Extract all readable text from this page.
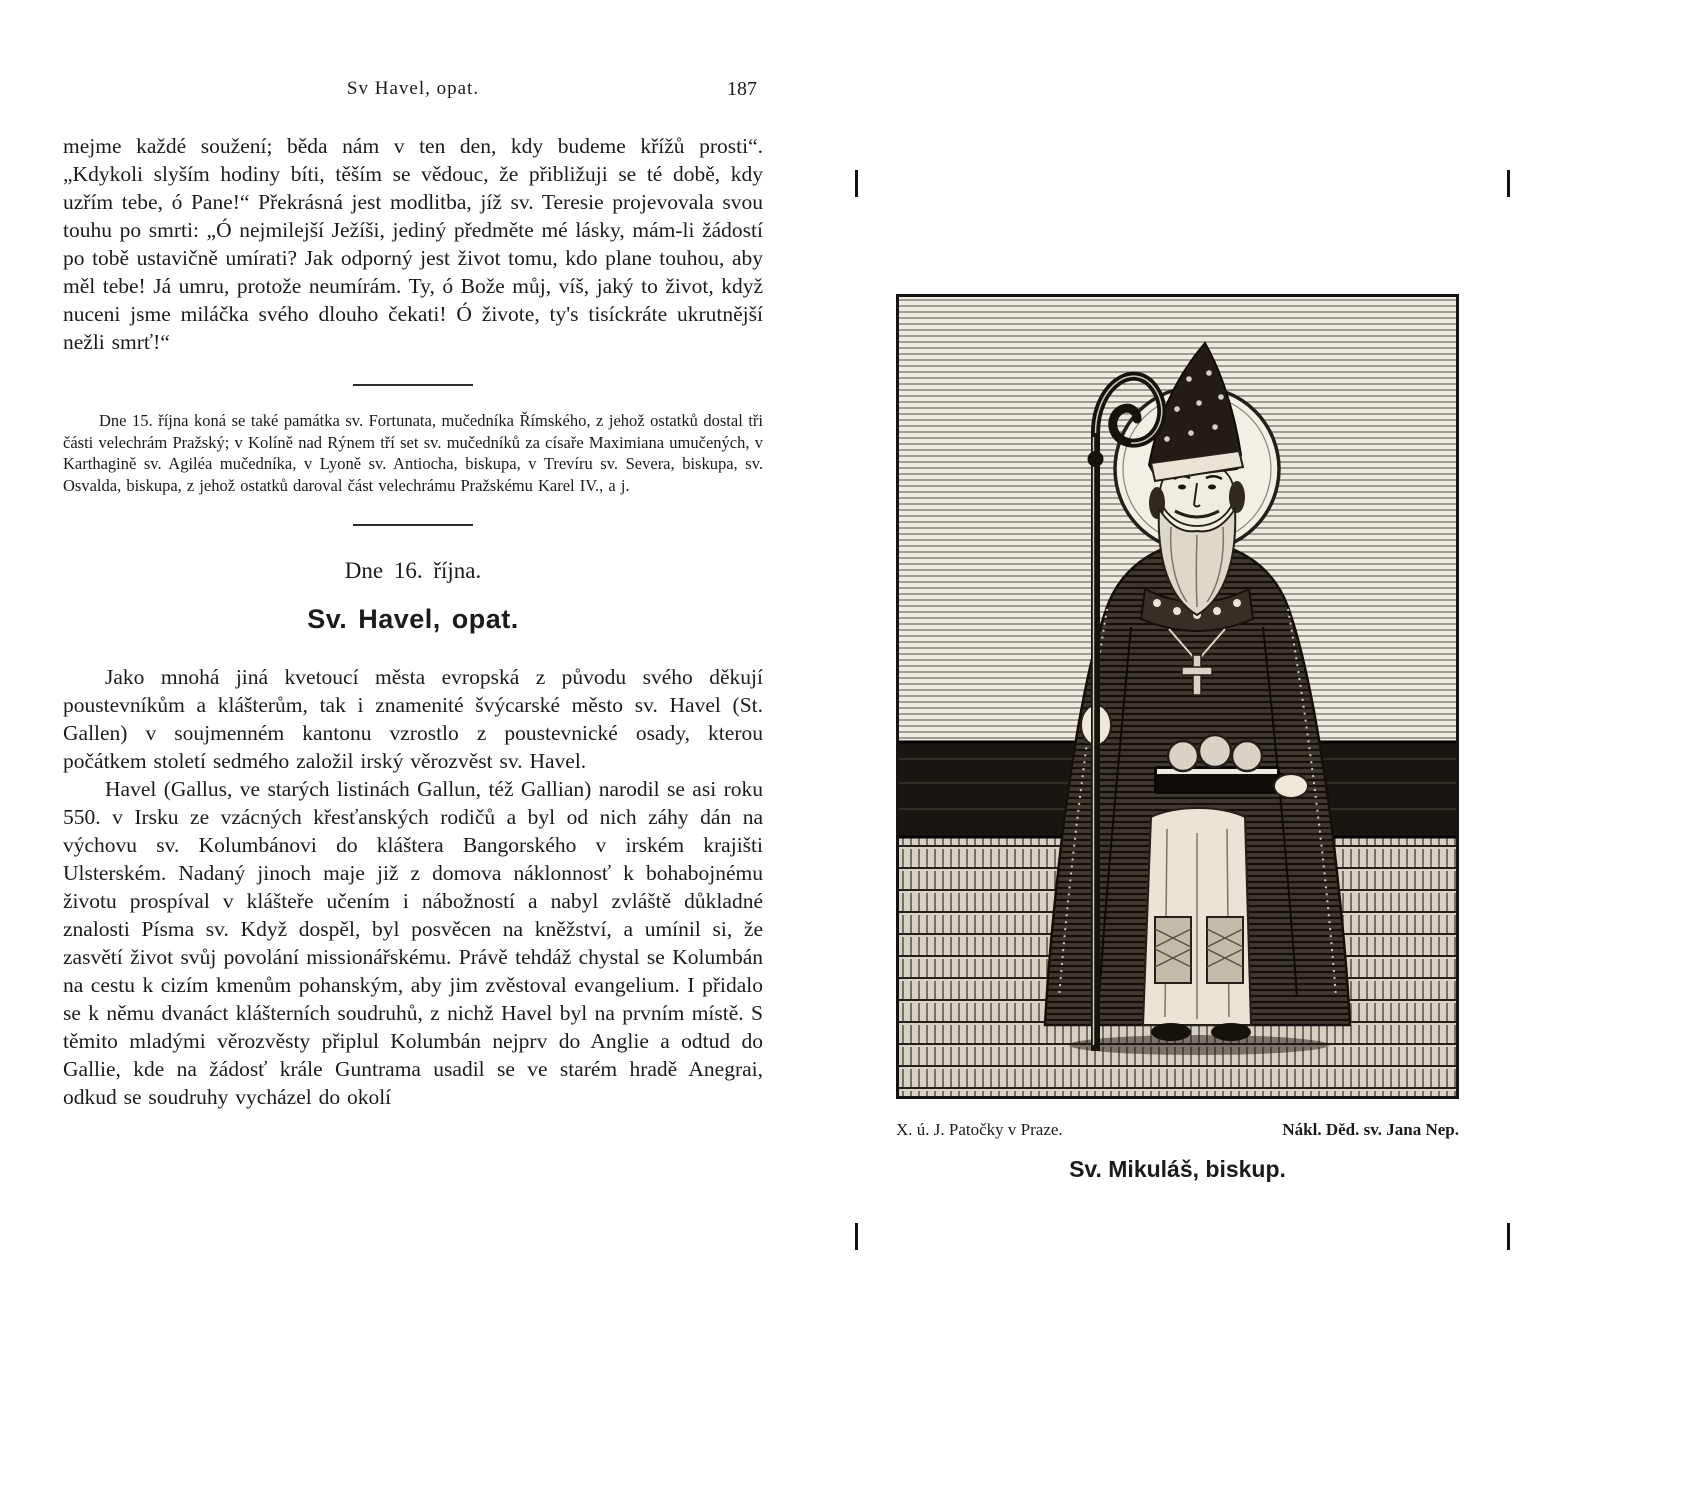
Sv Havel, opat.	187

mejme každé soužení; běda nám v ten den, kdy budeme křížů prosti“. „Kdykoli slyším hodiny bíti, těším se vědouc, že přibližuji se té době, kdy uzřím tebe, ó Pane!“ Překrásná jest modlitba, jíž sv. Teresie projevovala svou touhu po smrti: „Ó nejmilejší Ježíši, jediný předměte mé lásky, mám-li žádostí po tobě ustavičně umírati? Jak odporný jest život tomu, kdo plane touhou, aby měl tebe! Já umru, protože neumírám. Ty, ó Bože můj, víš, jaký to život, když nuceni jsme miláčka svého dlouho čekati! Ó živote, ty's tisíckráte ukrutnější nežli smrť!“

Dne 15. října koná se také památka sv. Fortunata, mučedníka Římského, z jehož ostatků dostal tři části velechrám Pražský; v Kolíně nad Rýnem tří set sv. mučedníků za císaře Maximiana umučených, v Karthagině sv. Agiléa mučedníka, v Lyoně sv. Antiocha, biskupa, v Trevíru sv. Severa, biskupa, sv. Osvalda, biskupa, z jehož ostatků daroval část velechrámu Pražskému Karel IV., a j.

Dne 16. října.
Sv. Havel, opat.

Jako mnohá jiná kvetoucí města evropská z původu svého děkují poustevníkům a klášterům, tak i znamenité švýcarské město sv. Havel (St. Gallen) v soujmenném kantonu vzrostlo z poustevnické osady, kterou počátkem století sedmého založil irský věrozvěst sv. Havel.

Havel (Gallus, ve starých listinách Gallun, též Gallian) narodil se asi roku 550. v Irsku ze vzácných křesťanských rodičů a byl od nich záhy dán na výchovu sv. Kolumbánovi do kláštera Bangorského v irském krajišti Ulsterském. Nadaný jinoch maje již z domova náklonnosť k bohabojnému životu prospíval v klášteře učením i nábožností a nabyl zvláště důkladné znalosti Písma sv. Když dospěl, byl posvěcen na kněžství, a umínil si, že zasvětí život svůj povolání missionářskému. Právě tehdáž chystal se Kolumbán na cestu k cizím kmenům pohanským, aby jim zvěstoval evangelium. I přidalo se k němu dvanáct klášterních soudruhů, z nichž Havel byl na prvním místě. S těmito mladými věrozvěsty připlul Kolumbán nejprv do Anglie a odtud do Gallie, kde na žádosť krále Guntrama usadil se ve starém hradě Anegrai, odkud se soudruhy vycházel do okolí

X. ú. J. Patočky v Praze.	Nákl. Děd. sv. Jana Nep.
Sv. Mikuláš, biskup.
